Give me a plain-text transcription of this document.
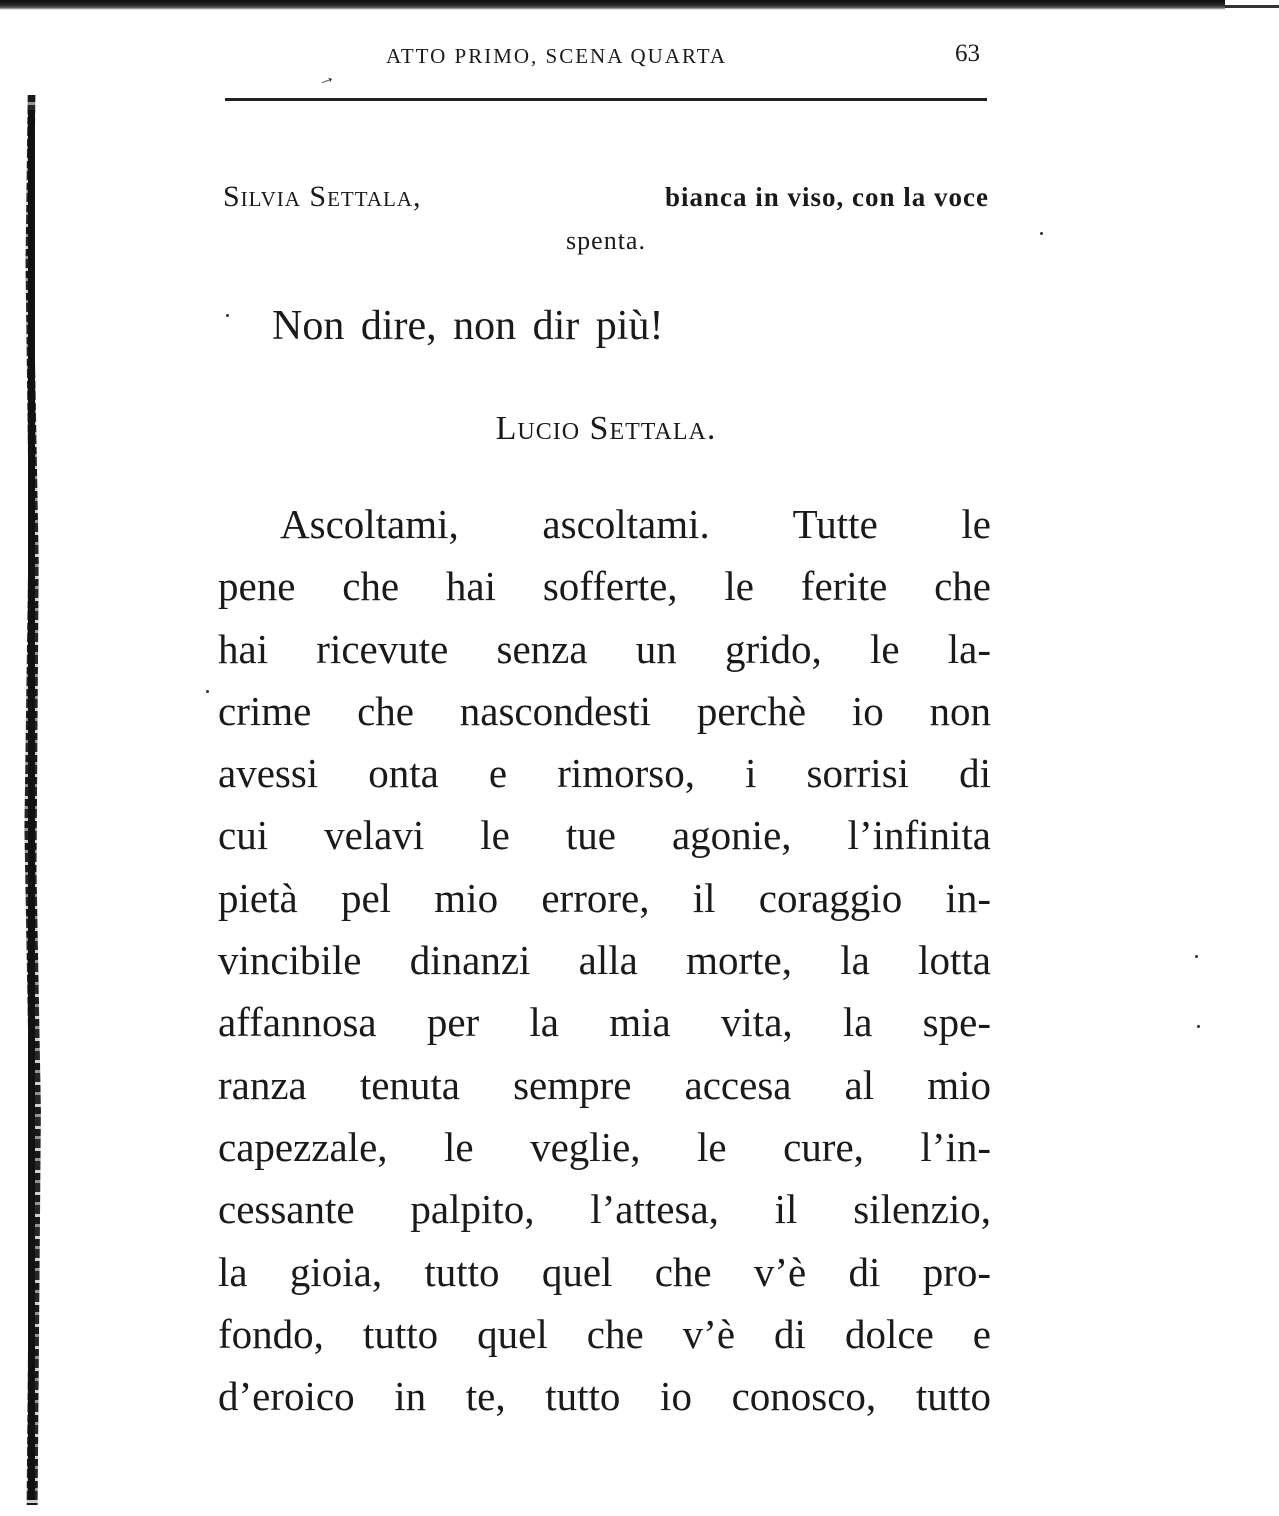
→
ATTO PRIMO, SCENA QUARTA	63
Silvia Settala,	bianca in viso, con la voce
spenta.
Non dire, non dir più!
Lucio Settala.
Ascoltami, ascoltami. Tutte le
pene che hai sofferte, le ferite che
hai ricevute senza un grido, le la-
crime che nascondesti perchè io non
avessi onta e rimorso, i sorrisi di
cui velavi le tue agonie, l’infinita
pietà pel mio errore, il coraggio in-
vincibile dinanzi alla morte, la lotta
affannosa per la mia vita, la spe-
ranza tenuta sempre accesa al mio
capezzale, le veglie, le cure, l’in-
cessante palpito, l’attesa, il silenzio,
la gioia, tutto quel che v’è di pro-
fondo, tutto quel che v’è di dolce e
d’eroico in te, tutto io conosco, tutto
